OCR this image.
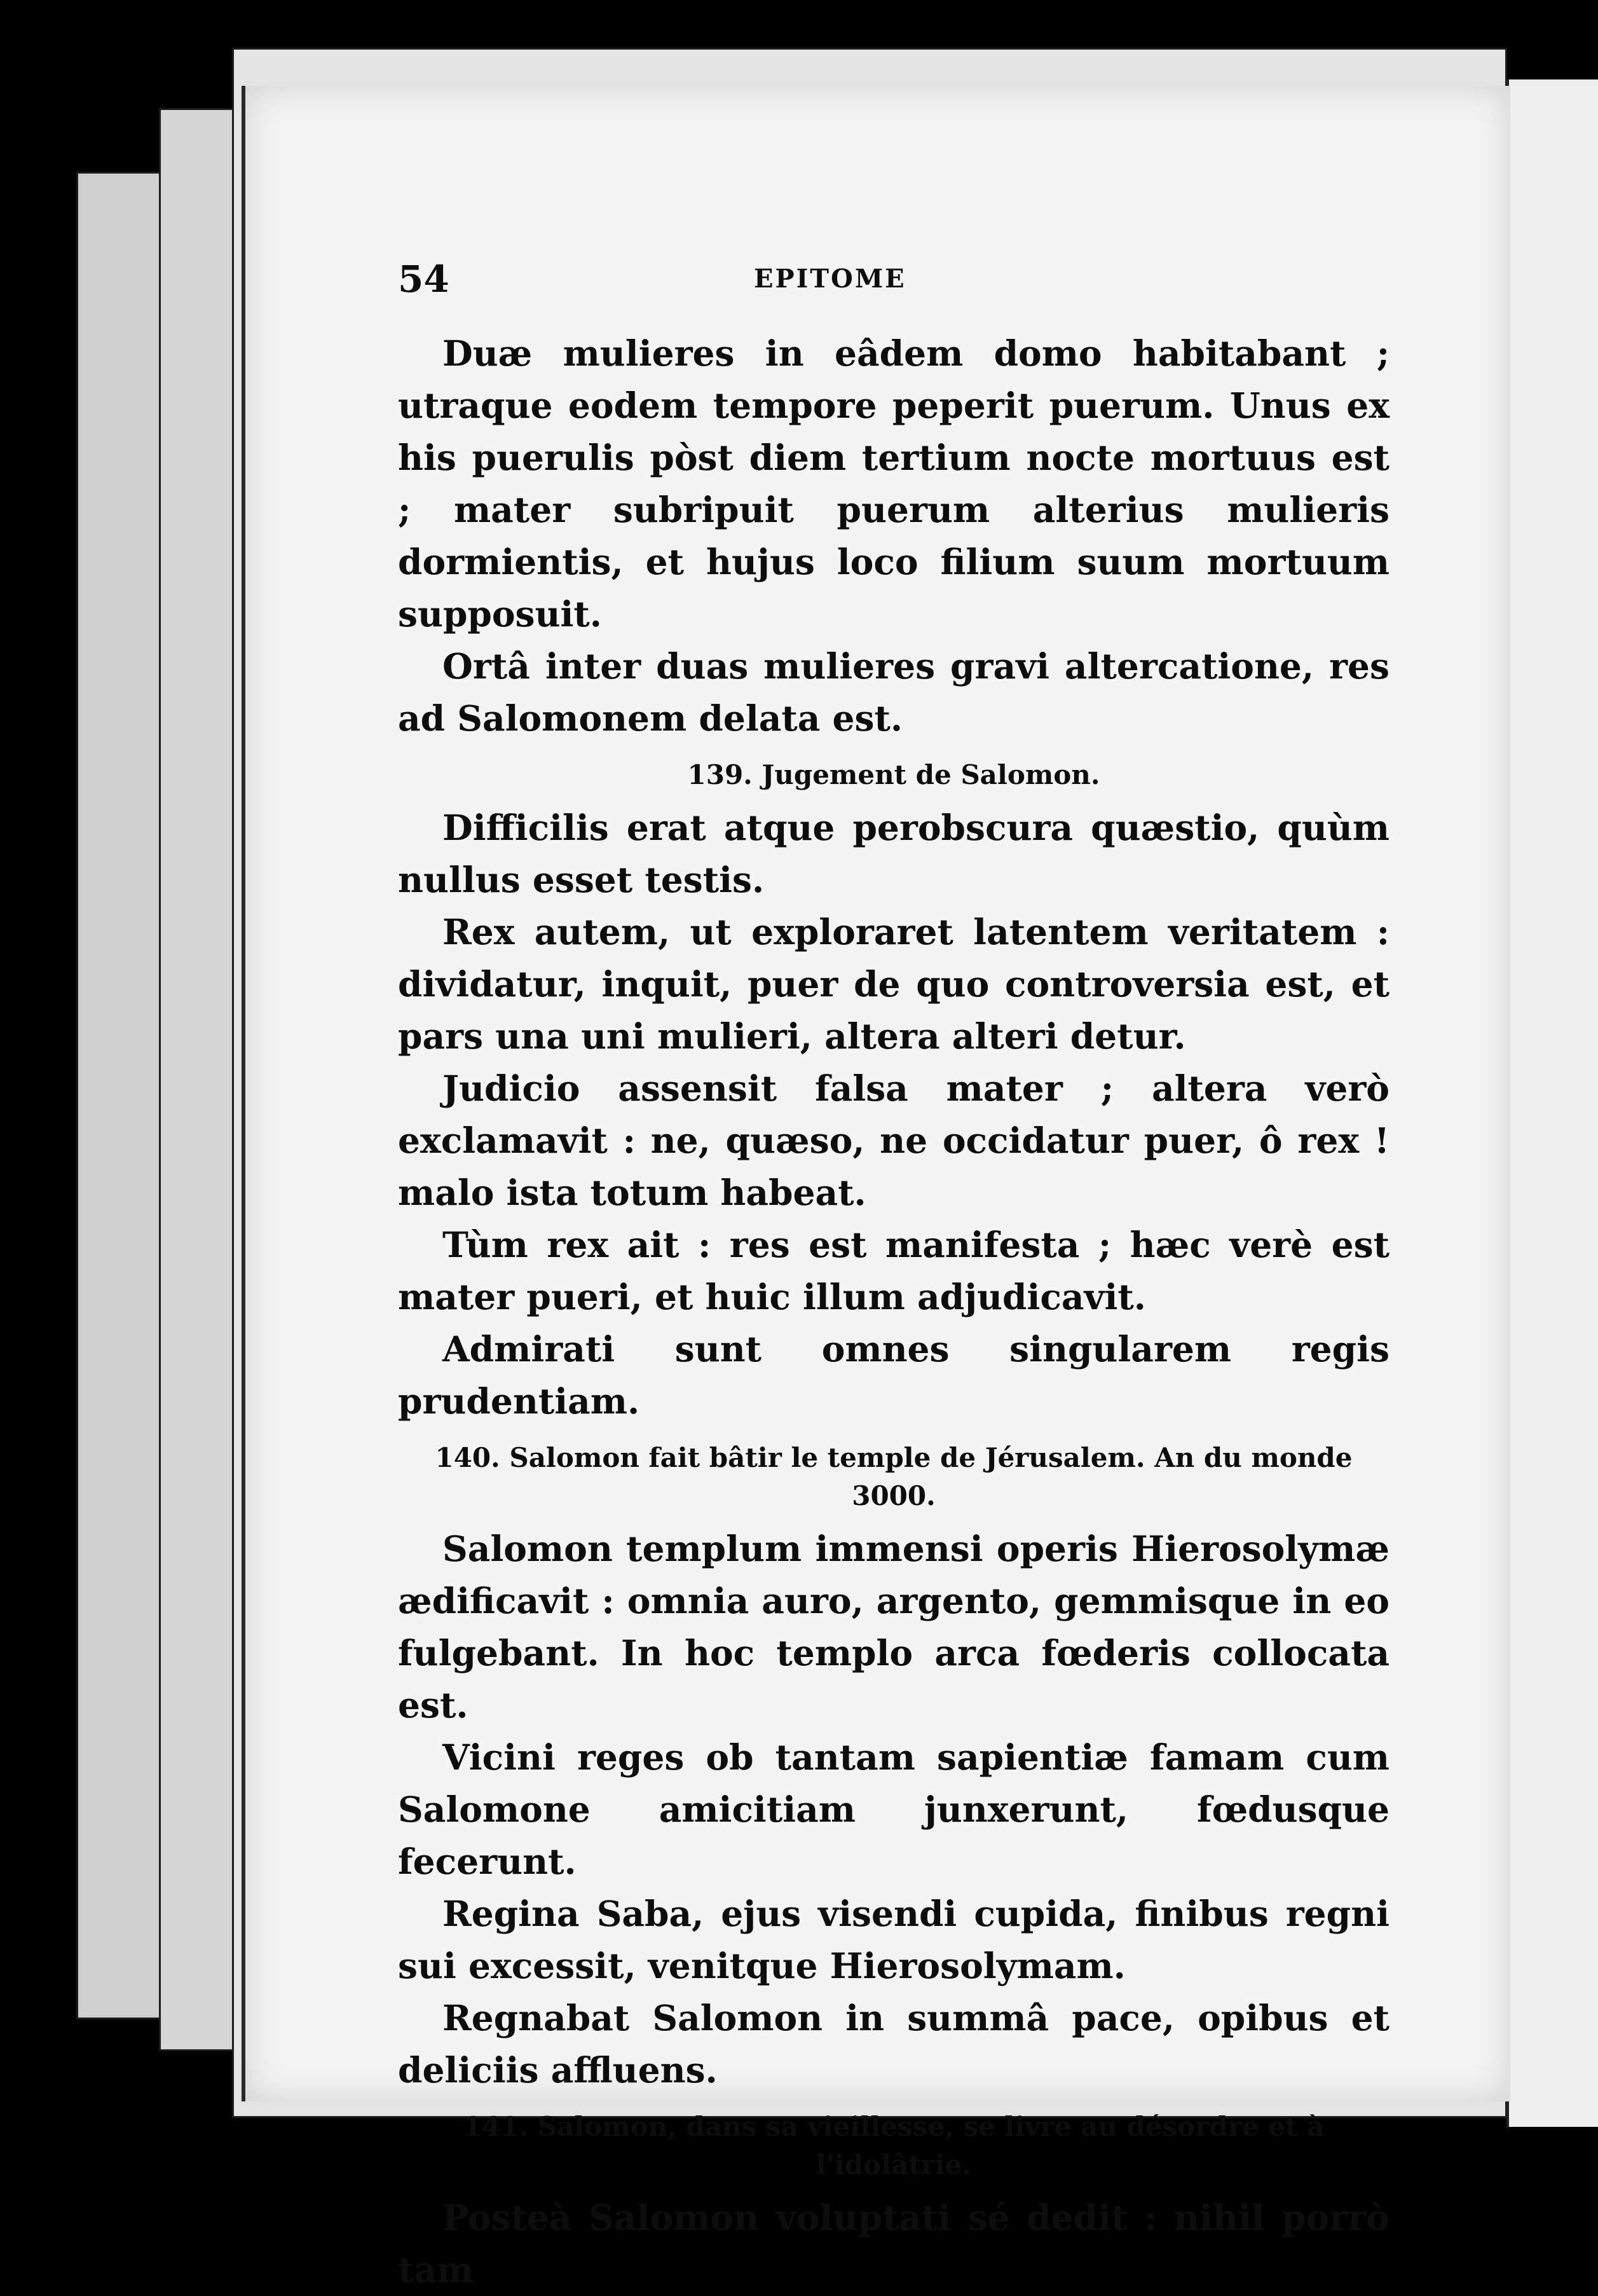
54	EPITOME

Duæ mulieres in eâdem domo habitabant ; utraque eodem tempore peperit puerum. Unus ex his puerulis pòst diem tertium nocte mortuus est ; mater subripuit puerum alterius mulieris dormientis, et hujus loco filium suum mortuum supposuit.

Ortâ inter duas mulieres gravi altercatione, res ad Salomonem delata est.

139. Jugement de Salomon.

Difficilis erat atque perobscura quæstio, quùm nullus esset testis.

Rex autem, ut exploraret latentem veritatem : dividatur, inquit, puer de quo controversia est, et pars una uni mulieri, altera alteri detur.

Judicio assensit falsa mater ; altera verò exclamavit : ne, quæso, ne occidatur puer, ô rex ! malo ista totum habeat.

Tùm rex ait : res est manifesta ; hæc verè est mater pueri, et huic illum adjudicavit.

Admirati sunt omnes singularem regis prudentiam.

140. Salomon fait bâtir le temple de Jérusalem. An du monde 3000.

Salomon templum immensi operis Hierosolymæ ædificavit : omnia auro, argento, gemmisque in eo fulgebant. In hoc templo arca fœderis collocata est.

Vicini reges ob tantam sapientiæ famam cum Salomone amicitiam junxerunt, fœdusque fecerunt.

Regina Saba, ejus visendi cupida, finibus regni sui excessit, venitque Hierosolymam.

Regnabat Salomon in summâ pace, opibus et deliciis affluens.

141. Salomon, dans sa vieillesse, se livre au désordre et à l'idolâtrie.

Posteà Salomon voluptati sé dedit : nihil porrò tam
